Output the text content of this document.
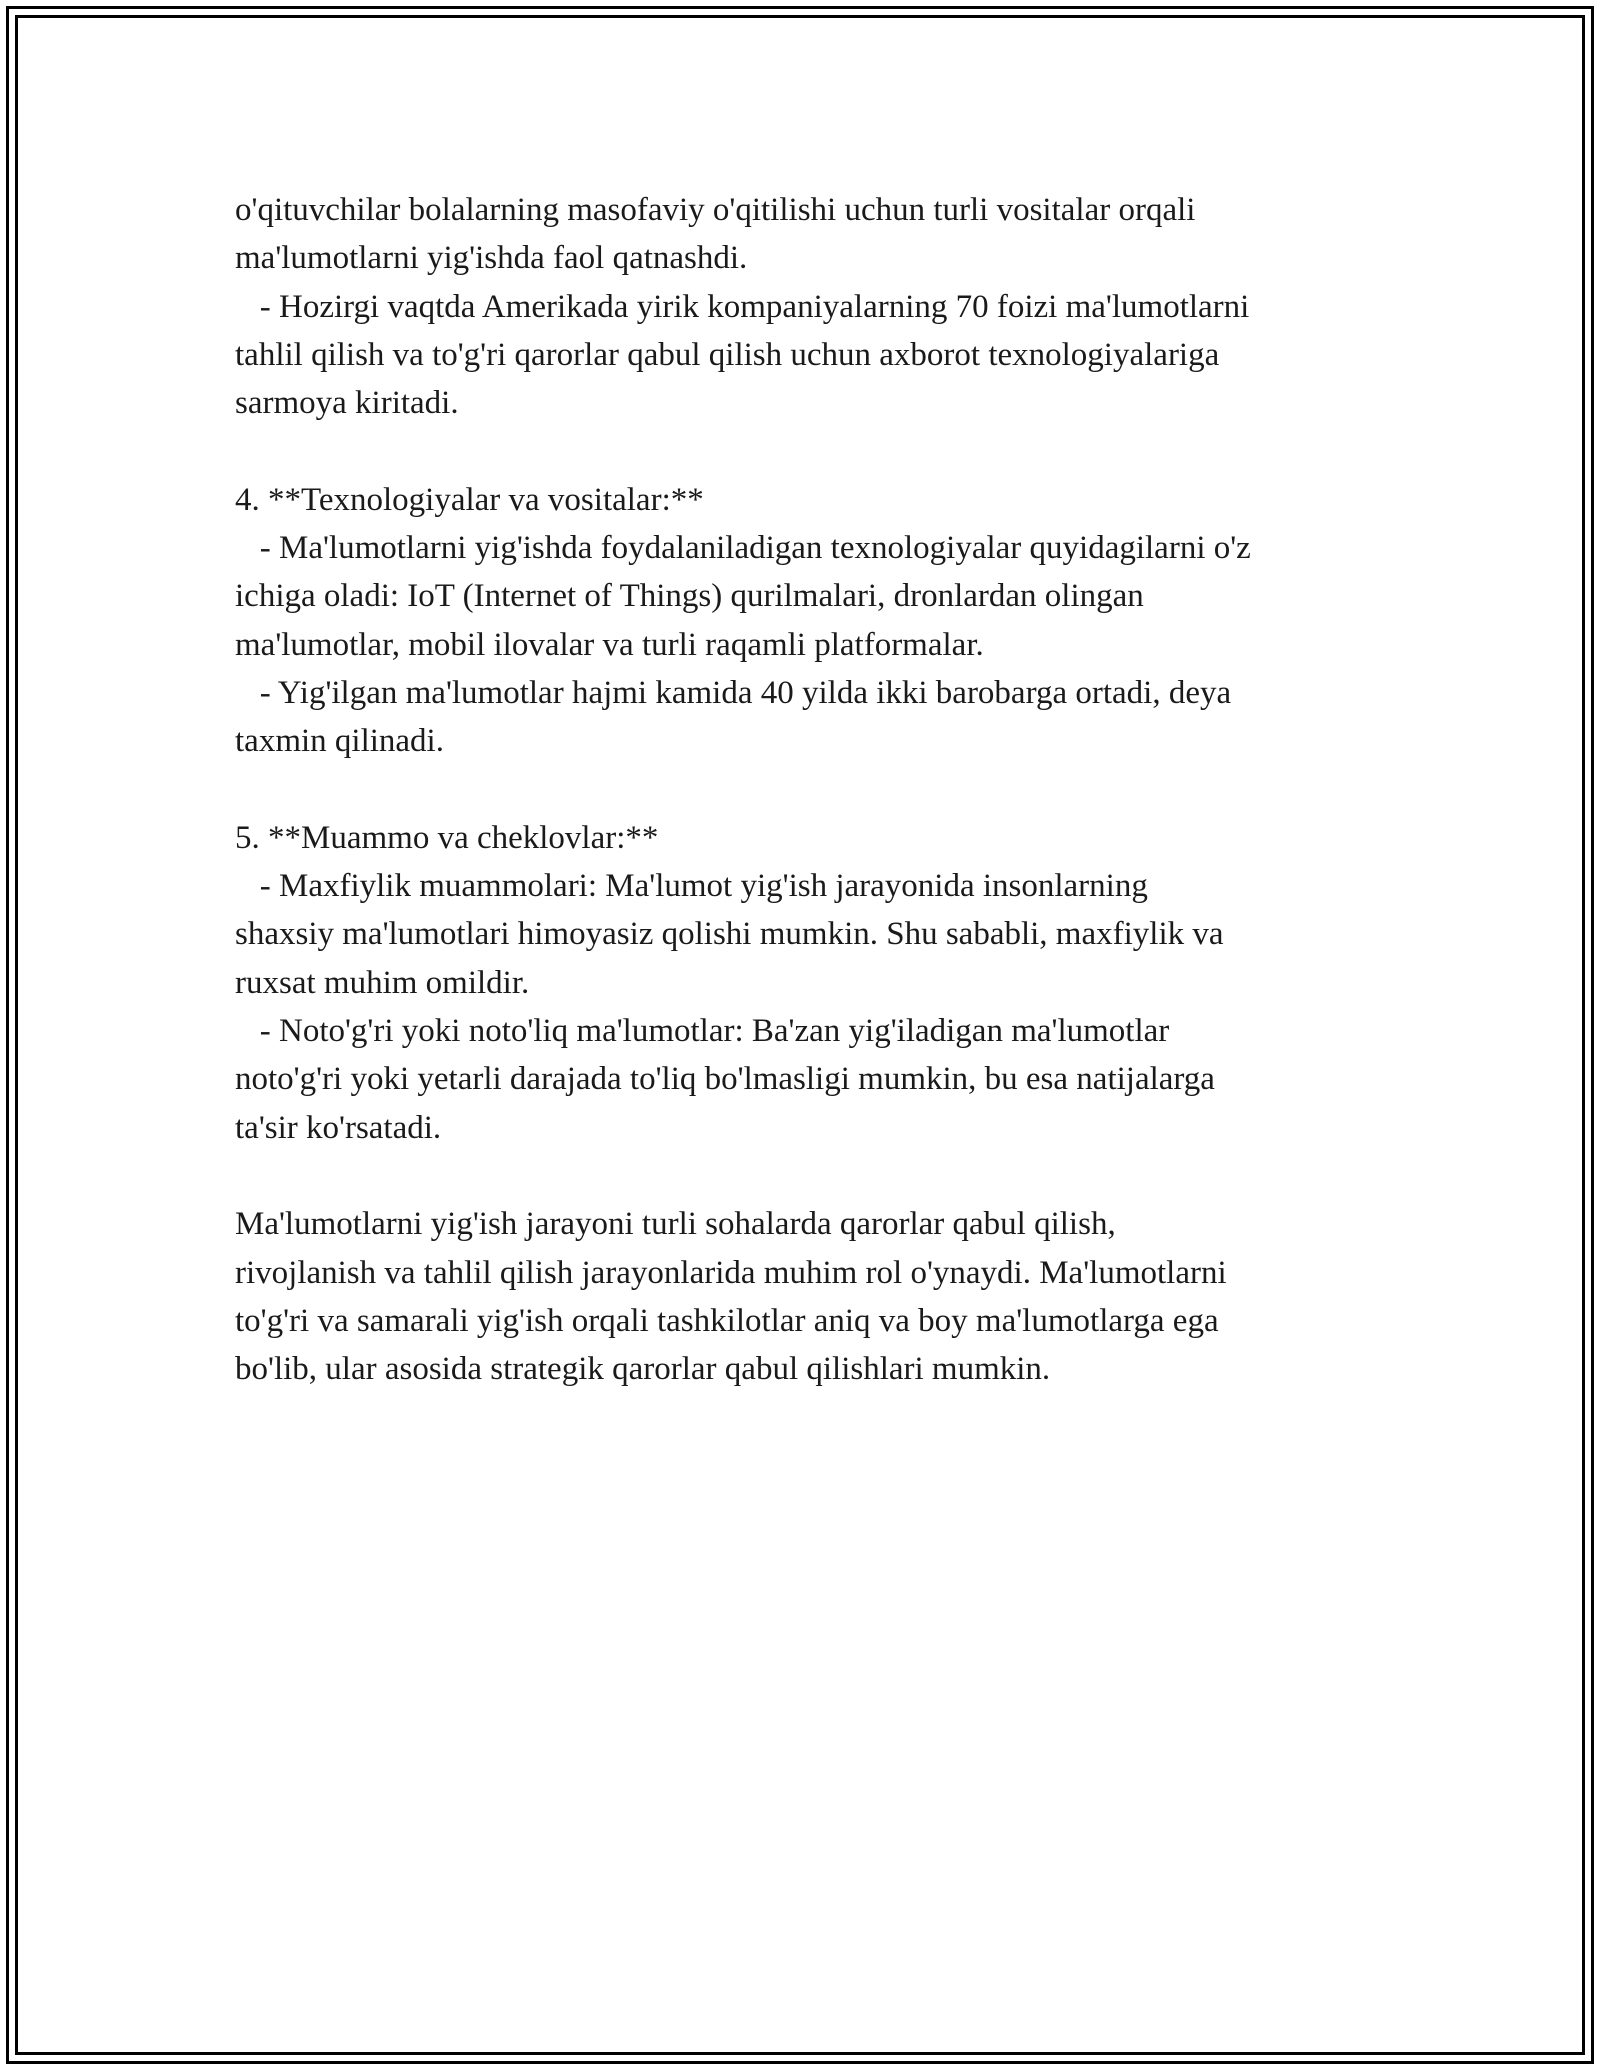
o'qituvchilar bolalarning masofaviy o'qitilishi uchun turli vositalar orqali
ma'lumotlarni yig'ishda faol qatnashdi.
- Hozirgi vaqtda Amerikada yirik kompaniyalarning 70 foizi ma'lumotlarni
tahlil qilish va to'g'ri qarorlar qabul qilish uchun axborot texnologiyalariga
sarmoya kiritadi.
4. **Texnologiyalar va vositalar:**
- Ma'lumotlarni yig'ishda foydalaniladigan texnologiyalar quyidagilarni o'z
ichiga oladi: IoT (Internet of Things) qurilmalari, dronlardan olingan
ma'lumotlar, mobil ilovalar va turli raqamli platformalar.
- Yig'ilgan ma'lumotlar hajmi kamida 40 yilda ikki barobarga ortadi, deya
taxmin qilinadi.
5. **Muammo va cheklovlar:**
- Maxfiylik muammolari: Ma'lumot yig'ish jarayonida insonlarning
shaxsiy ma'lumotlari himoyasiz qolishi mumkin. Shu sababli, maxfiylik va
ruxsat muhim omildir.
- Noto'g'ri yoki noto'liq ma'lumotlar: Ba'zan yig'iladigan ma'lumotlar
noto'g'ri yoki yetarli darajada to'liq bo'lmasligi mumkin, bu esa natijalarga
ta'sir ko'rsatadi.
Ma'lumotlarni yig'ish jarayoni turli sohalarda qarorlar qabul qilish,
rivojlanish va tahlil qilish jarayonlarida muhim rol o'ynaydi. Ma'lumotlarni
to'g'ri va samarali yig'ish orqali tashkilotlar aniq va boy ma'lumotlarga ega
bo'lib, ular asosida strategik qarorlar qabul qilishlari mumkin.
